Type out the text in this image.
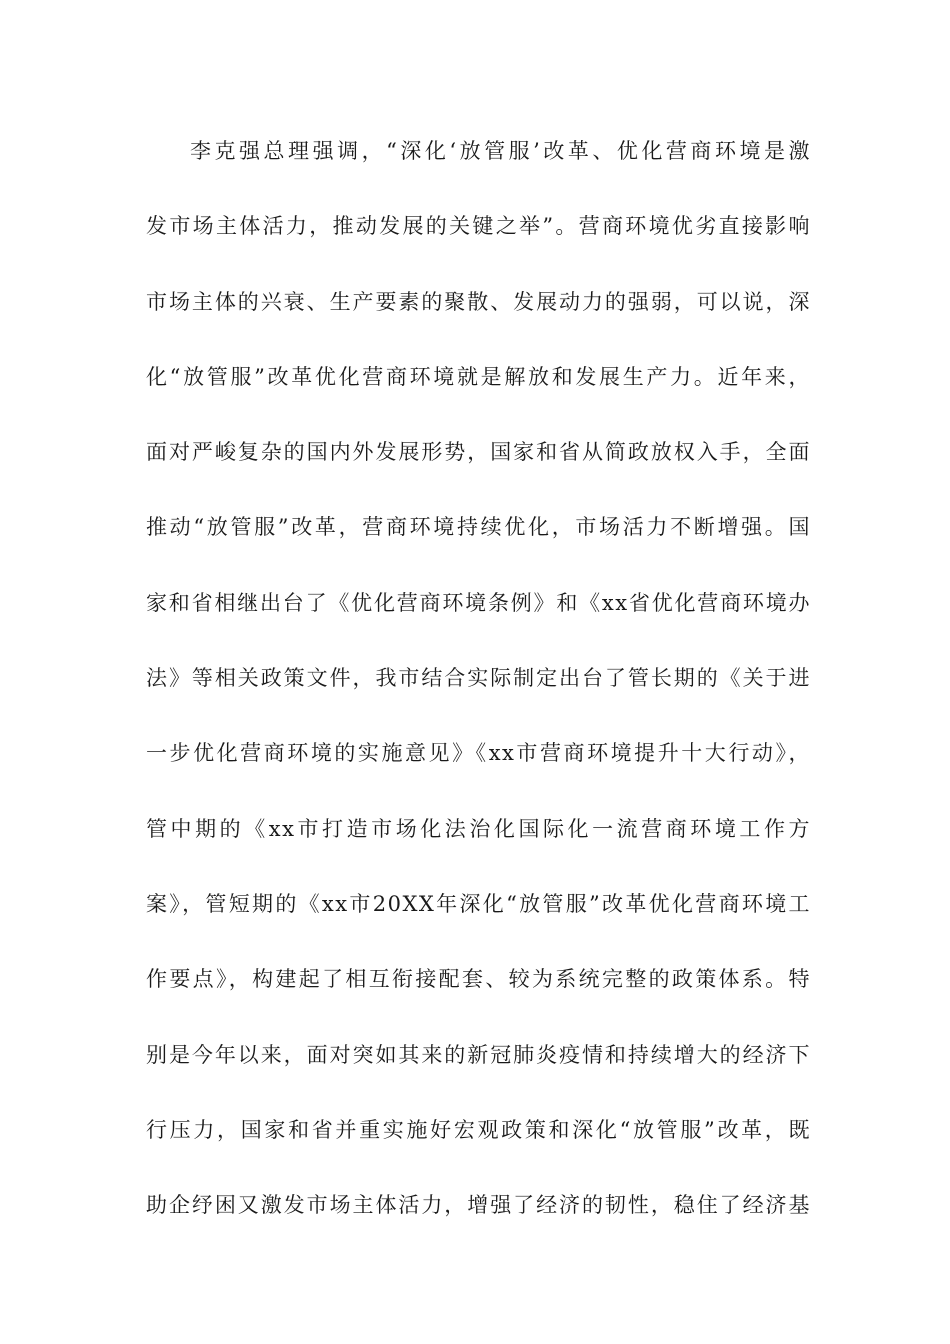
李克强总理强调，“深化‘放管服’改革、优化营商环境是激
发市场主体活力，推动发展的关键之举”。营商环境优劣直接影响
市场主体的兴衰、生产要素的聚散、发展动力的强弱，可以说，深
化“放管服”改革优化营商环境就是解放和发展生产力。近年来，
面对严峻复杂的国内外发展形势，国家和省从简政放权入手，全面
推动“放管服”改革，营商环境持续优化，市场活力不断增强。国
家和省相继出台了《优化营商环境条例》和《xx省优化营商环境办
法》等相关政策文件，我市结合实际制定出台了管长期的《关于进
一步优化营商环境的实施意见》《xx市营商环境提升十大行动》，
管中期的《xx市打造市场化法治化国际化一流营商环境工作方
案》，管短期的《xx市20XX年深化“放管服”改革优化营商环境工
作要点》，构建起了相互衔接配套、较为系统完整的政策体系。特
别是今年以来，面对突如其来的新冠肺炎疫情和持续增大的经济下
行压力，国家和省并重实施好宏观政策和深化“放管服”改革，既
助企纾困又激发市场主体活力，增强了经济的韧性，稳住了经济基
